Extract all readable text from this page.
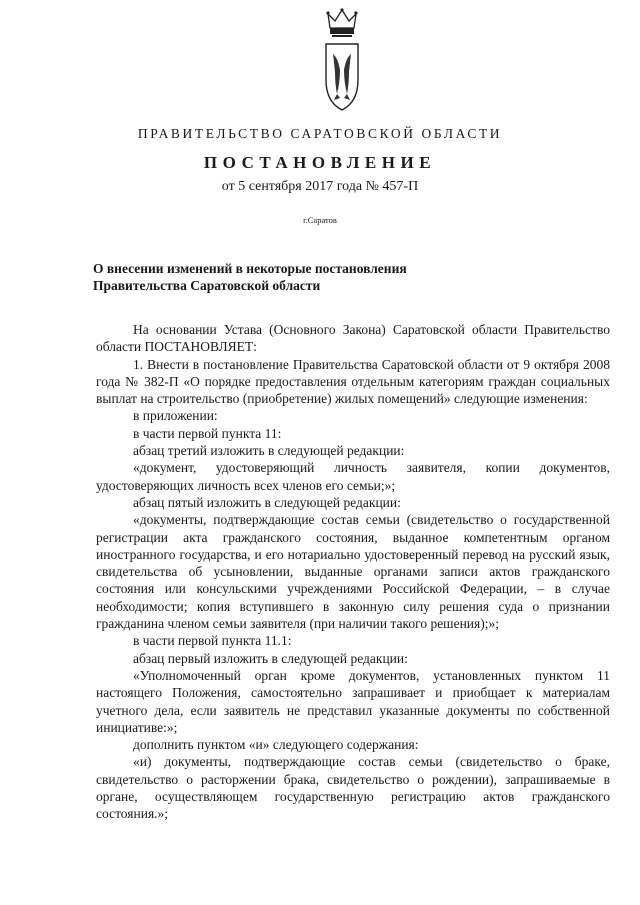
ПРАВИТЕЛЬСТВО САРАТОВСКОЙ ОБЛАСТИ
ПОСТАНОВЛЕНИЕ
от 5 сентября 2017 года № 457-П
г.Саратов
О внесении изменений в некоторые постановления
Правительства Саратовской области

На основании Устава (Основного Закона) Саратовской области Правительство области ПОСТАНОВЛЯЕТ:

1. Внести в постановление Правительства Саратовской области от 9 октября 2008 года № 382-П «О порядке предоставления отдельным категориям граждан социальных выплат на строительство (приобретение) жилых помещений» следующие изменения:

в приложении:

в части первой пункта 11:

абзац третий изложить в следующей редакции:

«документ, удостоверяющий личность заявителя, копии документов, удостоверяющих личность всех членов его семьи;»;

абзац пятый изложить в следующей редакции:

«документы, подтверждающие состав семьи (свидетельство о государственной регистрации акта гражданского состояния, выданное компетентным органом иностранного государства, и его нотариально удостоверенный перевод на русский язык, свидетельства об усыновлении, выданные органами записи актов гражданского состояния или консульскими учреждениями Российской Федерации, – в случае необходимости; копия вступившего в законную силу решения суда о признании гражданина членом семьи заявителя (при наличии такого решения);»;

в части первой пункта 11.1:

абзац первый изложить в следующей редакции:

«Уполномоченный орган кроме документов, установленных пунктом 11 настоящего Положения, самостоятельно запрашивает и приобщает к материалам учетного дела, если заявитель не представил указанные документы по собственной инициативе:»;

дополнить пунктом «и» следующего содержания:

«и) документы, подтверждающие состав семьи (свидетельство о браке, свидетельство о расторжении брака, свидетельство о рождении), запрашиваемые в органе, осуществляющем государственную регистрацию актов гражданского состояния.»;
